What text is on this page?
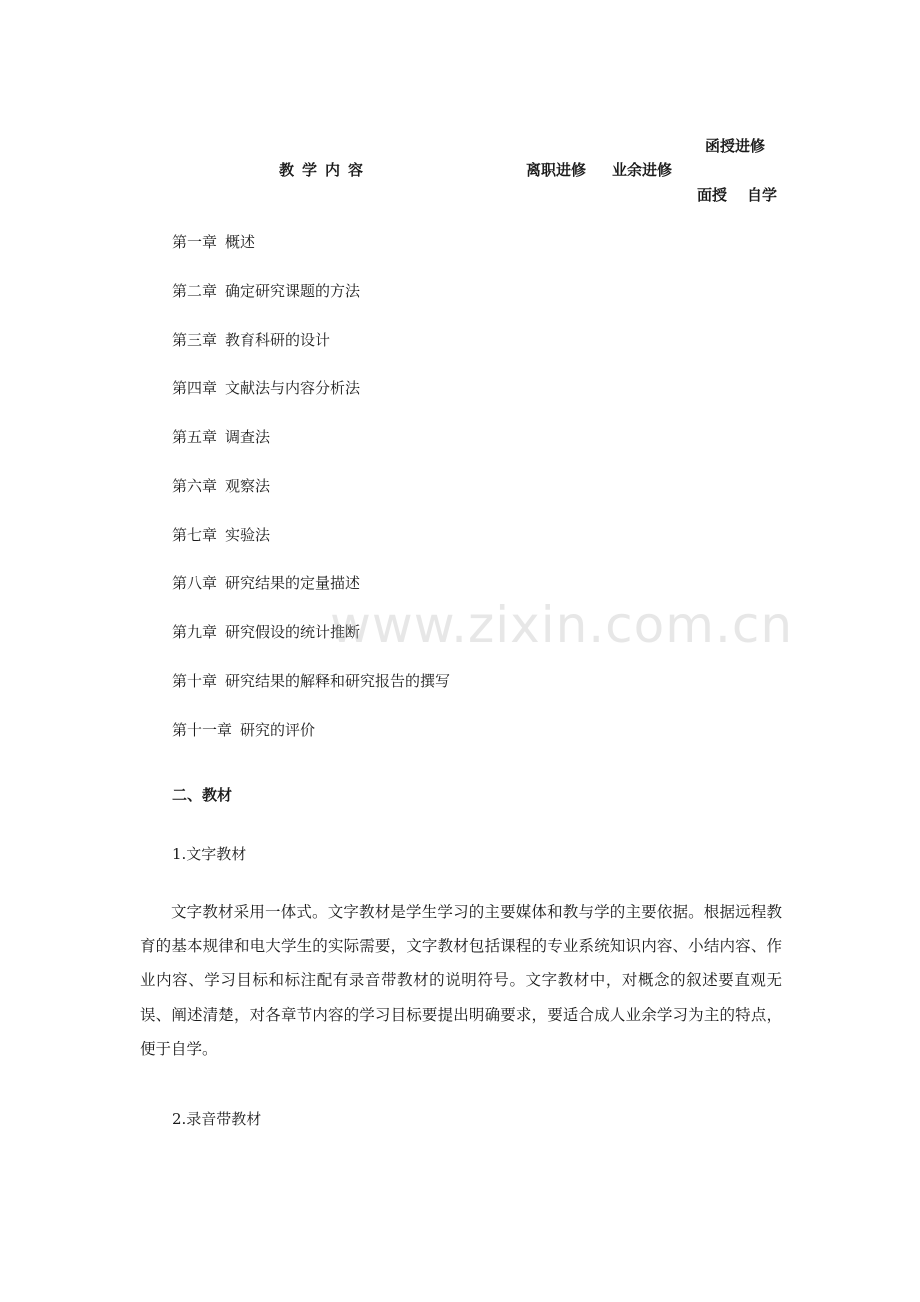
教学内容
函授进修
离职进修 业余进修
面授 自学
第一章 概述
第二章 确定研究课题的方法
第三章 教育科研的设计
第四章 文献法与内容分析法
第五章 调查法
第六章 观察法
第七章 实验法
第八章 研究结果的定量描述
第九章 研究假设的统计推断
第十章 研究结果的解释和研究报告的撰写
第十一章 研究的评价
www.zixin.com.cn
二、教材
1.文字教材
文字教材采用一体式。文字教材是学生学习的主要媒体和教与学的主要依据。根据远程教育的基本规律和电大学生的实际需要，文字教材包括课程的专业系统知识内容、小结内容、作业内容、学习目标和标注配有录音带教材的说明符号。文字教材中，对概念的叙述要直观无误、阐述清楚，对各章节内容的学习目标要提出明确要求，要适合成人业余学习为主的特点，便于自学。
2.录音带教材
